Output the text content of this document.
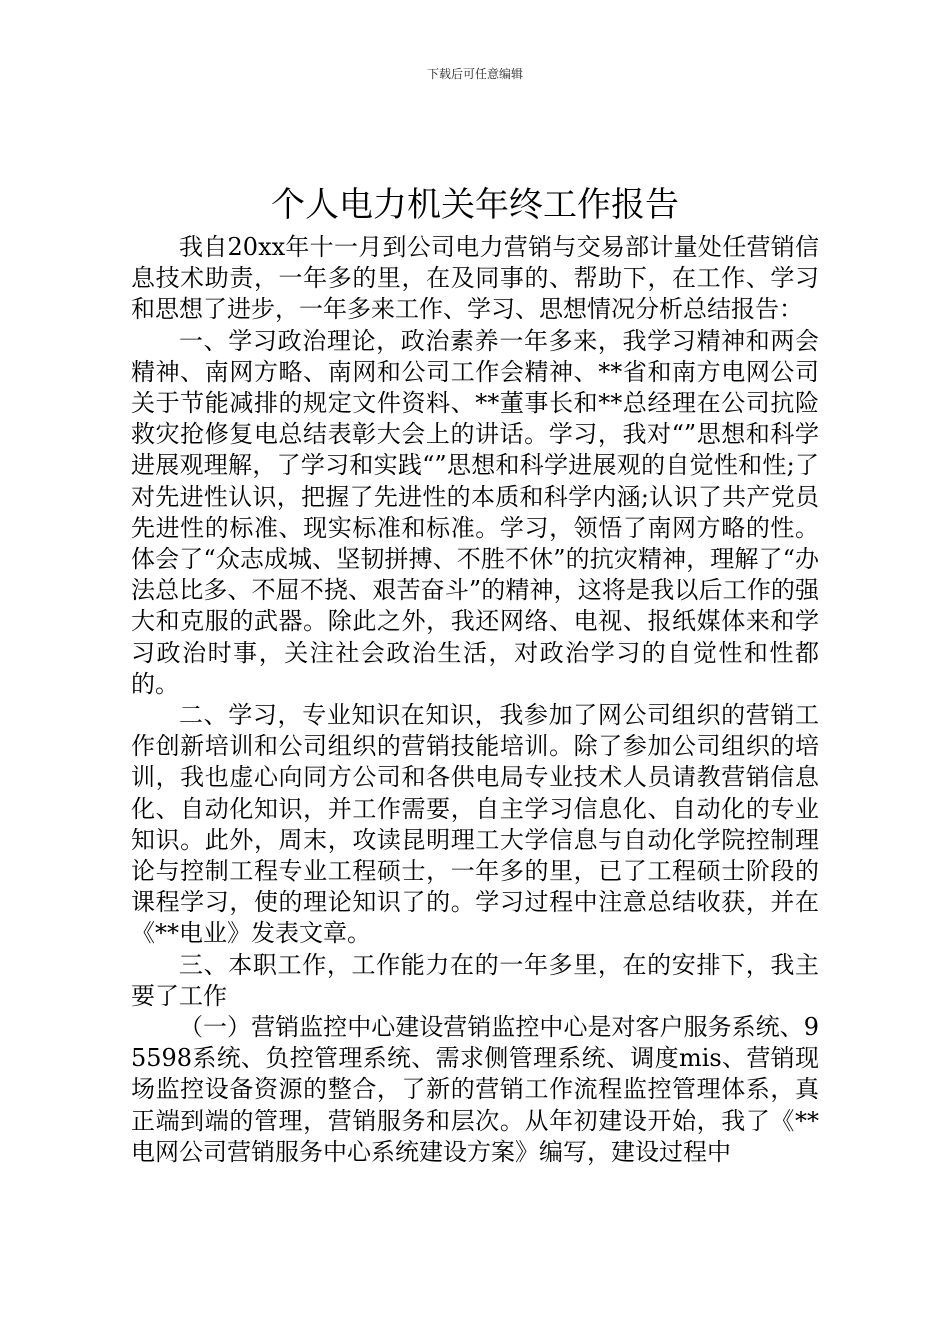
下载后可任意编辑
个人电力机关年终工作报告

我自20xx年十一月到公司电力营销与交易部计量处任营销信息技术助责，一年多的里，在及同事的、帮助下，在工作、学习和思想了进步，一年多来工作、学习、思想情况分析总结报告：

一、学习政治理论，政治素养一年多来，我学习精神和两会精神、南网方略、南网和公司工作会精神、**省和南方电网公司关于节能减排的规定文件资料、**董事长和**总经理在公司抗险救灾抢修复电总结表彰大会上的讲话。学习，我对“”思想和科学进展观理解，了学习和实践“”思想和科学进展观的自觉性和性;了对先进性认识，把握了先进性的本质和科学内涵;认识了共产党员先进性的标准、现实标准和标准。学习，领悟了南网方略的性。体会了“众志成城、坚韧拼搏、不胜不休”的抗灾精神，理解了“办法总比多、不屈不挠、艰苦奋斗”的精神，这将是我以后工作的强大和克服的武器。除此之外，我还网络、电视、报纸媒体来和学习政治时事，关注社会政治生活，对政治学习的自觉性和性都的。

二、学习，专业知识在知识，我参加了网公司组织的营销工作创新培训和公司组织的营销技能培训。除了参加公司组织的培训，我也虚心向同方公司和各供电局专业技术人员请教营销信息化、自动化知识，并工作需要，自主学习信息化、自动化的专业知识。此外，周末，攻读昆明理工大学信息与自动化学院控制理论与控制工程专业工程硕士，一年多的里，已了工程硕士阶段的课程学习，使的理论知识了的。学习过程中注意总结收获，并在《**电业》发表文章。

三、本职工作，工作能力在的一年多里，在的安排下，我主要了工作

（一）营销监控中心建设营销监控中心是对客户服务系统、95598系统、负控管理系统、需求侧管理系统、调度mis、营销现场监控设备资源的整合，了新的营销工作流程监控管理体系，真正端到端的管理，营销服务和层次。从年初建设开始，我了《**电网公司营销服务中心系统建设方案》编写，建设过程中
